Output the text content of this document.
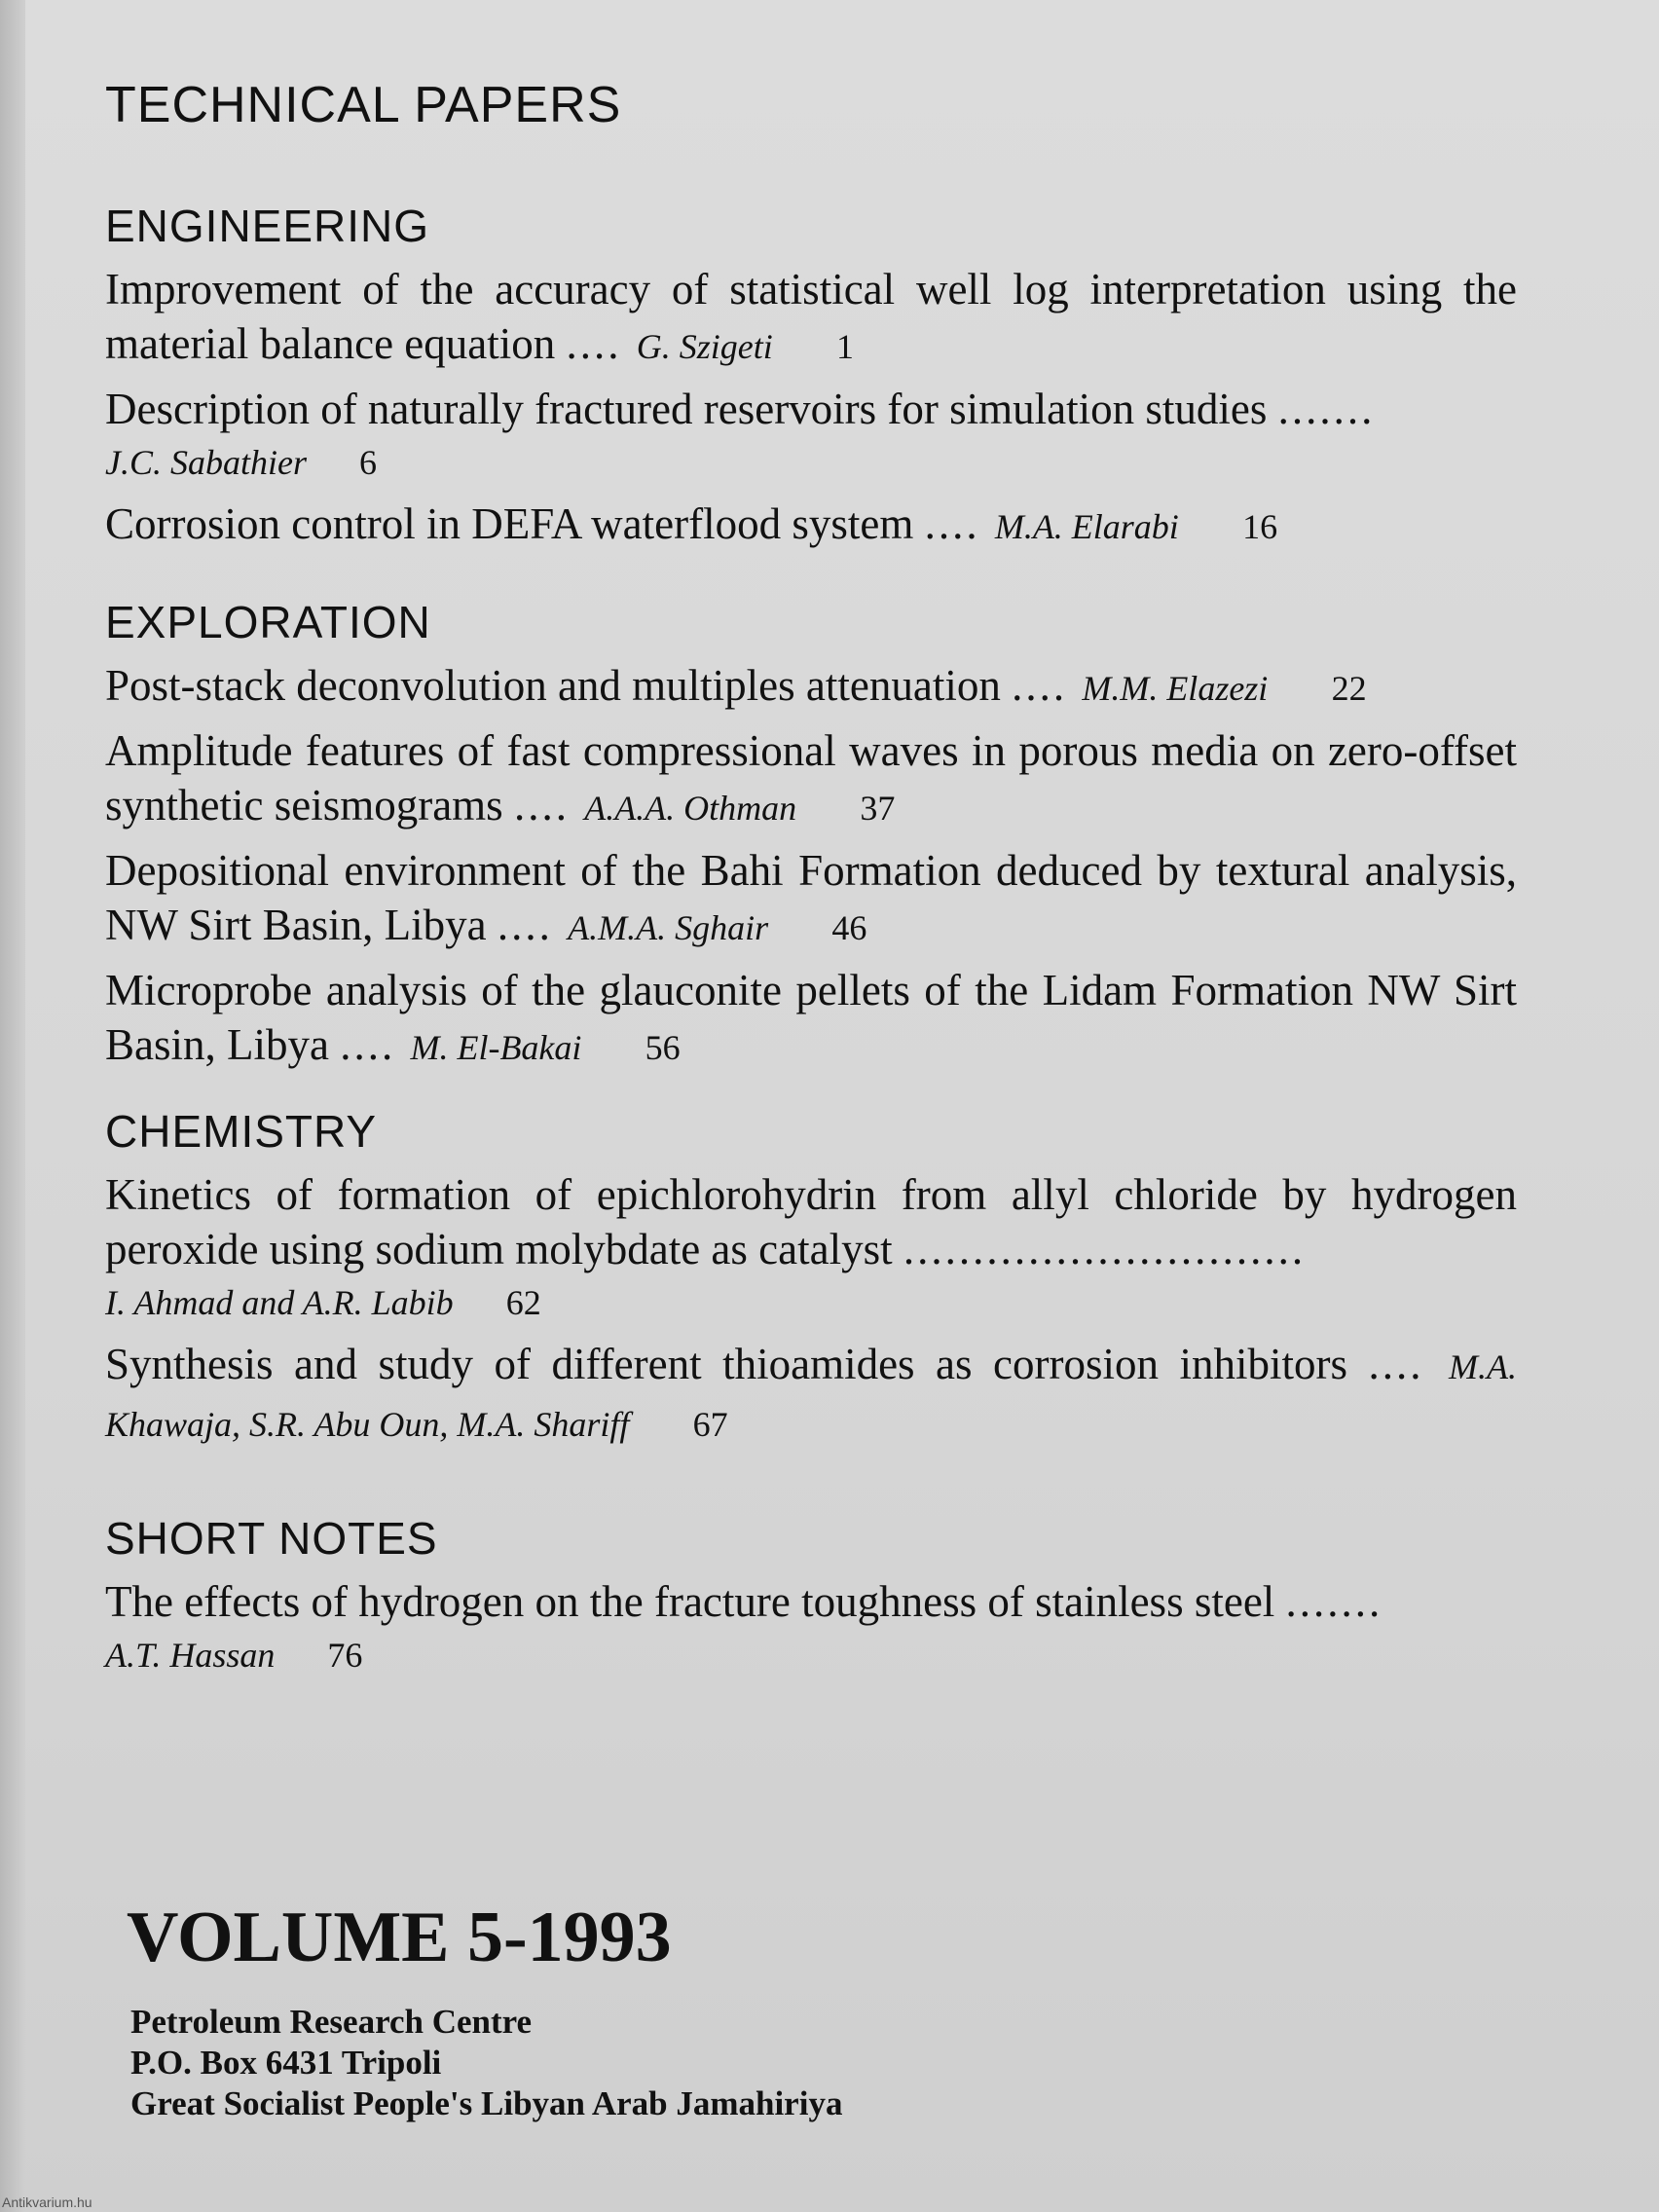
TECHNICAL PAPERS
ENGINEERING
Improvement of the accuracy of statistical well log interpretation using the material balance equation .... G. Szigeti 1
Description of naturally fractured reservoirs for simulation studies .......
J.C. Sabathier 6
Corrosion control in DEFA waterflood system .... M.A. Elarabi 16
EXPLORATION
Post-stack deconvolution and multiples attenuation .... M.M. Elazezi 22
Amplitude features of fast compressional waves in porous media on zero-offset synthetic seismograms .... A.A.A. Othman 37
Depositional environment of the Bahi Formation deduced by textural analysis, NW Sirt Basin, Libya .... A.M.A. Sghair 46
Microprobe analysis of the glauconite pellets of the Lidam Formation NW Sirt Basin, Libya .... M. El-Bakai 56
CHEMISTRY
Kinetics of formation of epichlorohydrin from allyl chloride by hydrogen peroxide using sodium molybdate as catalyst .............................
I. Ahmad and A.R. Labib 62
Synthesis and study of different thioamides as corrosion inhibitors .... M.A. Khawaja, S.R. Abu Oun, M.A. Shariff 67
SHORT NOTES
The effects of hydrogen on the fracture toughness of stainless steel .......
A.T. Hassan 76
VOLUME 5-1993
Petroleum Research Centre
P.O. Box 6431 Tripoli
Great Socialist People's Libyan Arab Jamahiriya
Antikvarium.hu
